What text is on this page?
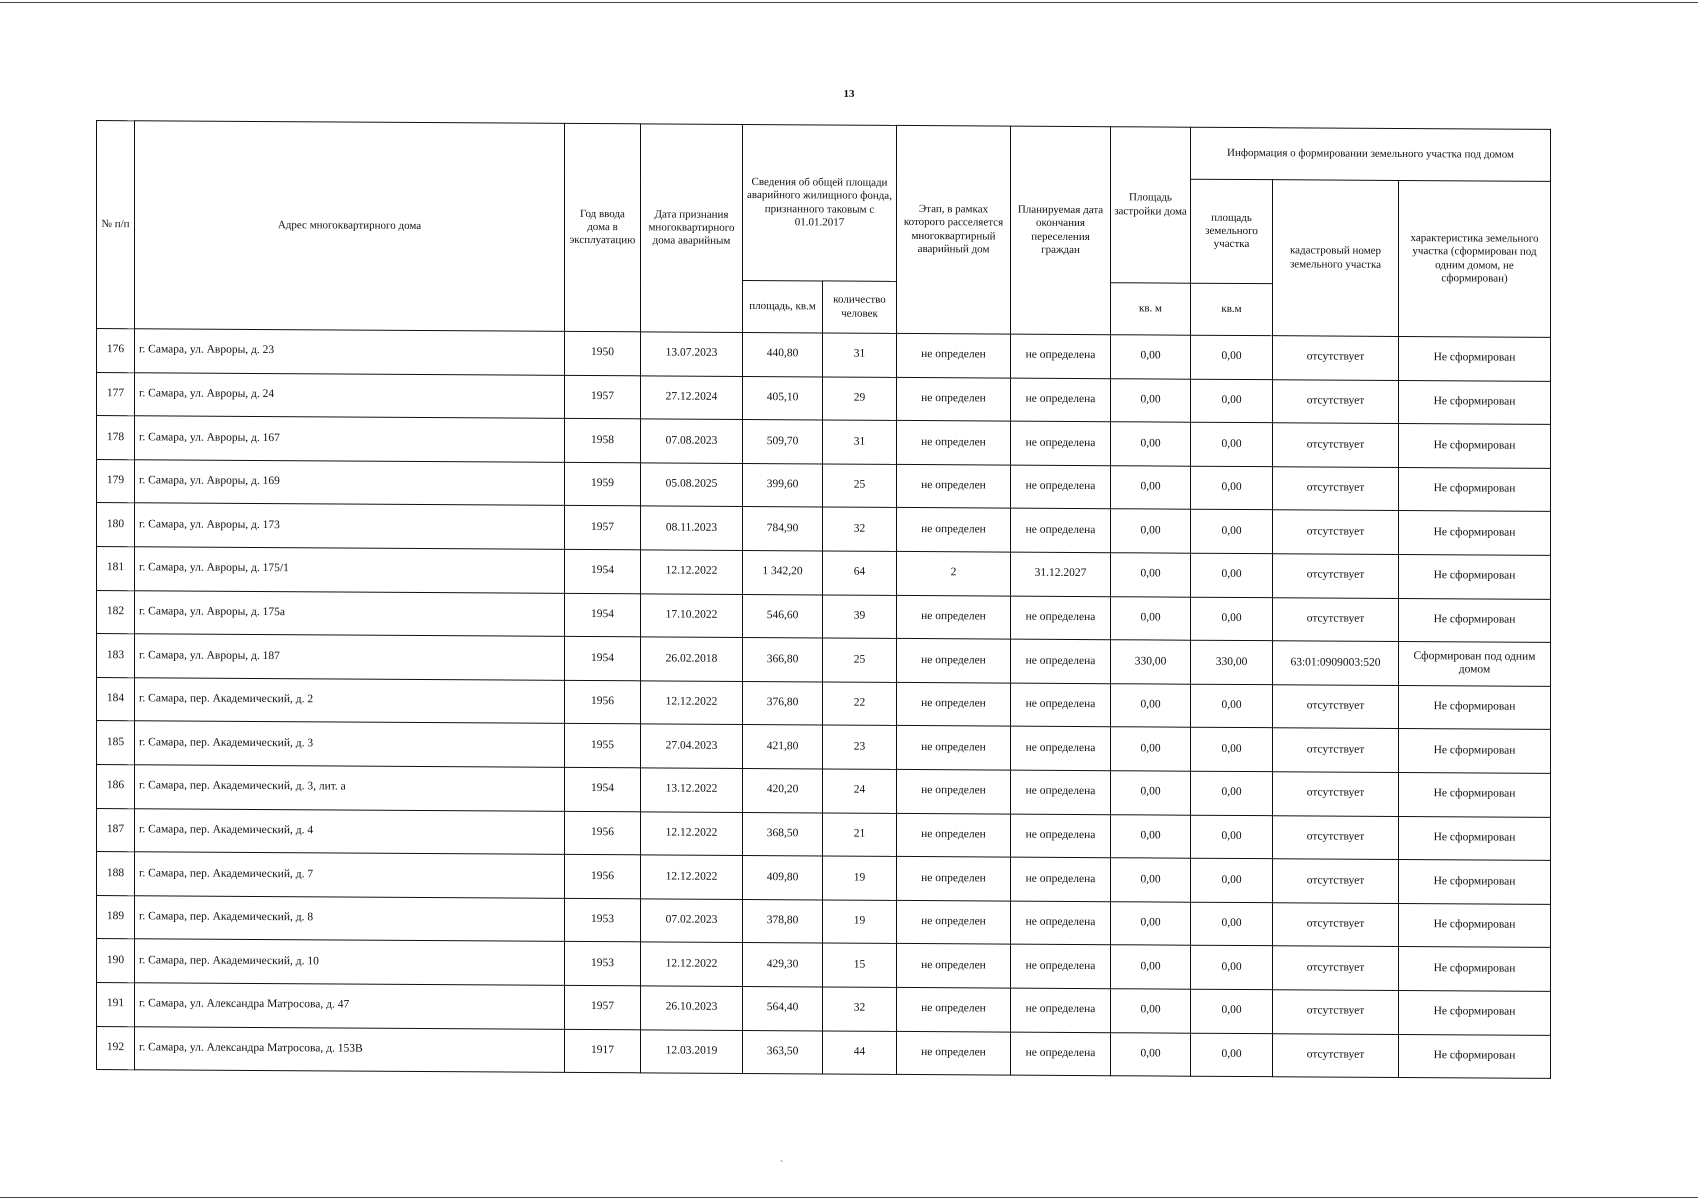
13
№ п/п	Адрес многоквартирного дома	Год ввода дома в эксплуатацию	Дата признания многоквартирного дома аварийным	Сведения об общей площади аварийного жилищного фонда, признанного таковым с 01.01.2017		Этап, в рамках которого расселяется многоквартирный аварийный дом	Планируемая дата окончания переселения граждан	Площадь застройки дома	Информация о формировании земельного участка под домом		
									площадь земельного участка	кадастровый номер земельного участка	характеристика земельного участка (сформирован под одним домом, не сформирован)
				площадь, кв.м	количество человек			кв. м	кв.м		
176	г. Самара, ул. Авроры, д. 23	1950	13.07.2023	440,80	31	не определен	не определена	0,00	0,00	отсутствует	Не сформирован
177	г. Самара, ул. Авроры, д. 24	1957	27.12.2024	405,10	29	не определен	не определена	0,00	0,00	отсутствует	Не сформирован
178	г. Самара, ул. Авроры, д. 167	1958	07.08.2023	509,70	31	не определен	не определена	0,00	0,00	отсутствует	Не сформирован
179	г. Самара, ул. Авроры, д. 169	1959	05.08.2025	399,60	25	не определен	не определена	0,00	0,00	отсутствует	Не сформирован
180	г. Самара, ул. Авроры, д. 173	1957	08.11.2023	784,90	32	не определен	не определена	0,00	0,00	отсутствует	Не сформирован
181	г. Самара, ул. Авроры, д. 175/1	1954	12.12.2022	1 342,20	64	2	31.12.2027	0,00	0,00	отсутствует	Не сформирован
182	г. Самара, ул. Авроры, д. 175а	1954	17.10.2022	546,60	39	не определен	не определена	0,00	0,00	отсутствует	Не сформирован
183	г. Самара, ул. Авроры, д. 187	1954	26.02.2018	366,80	25	не определен	не определена	330,00	330,00	63:01:0909003:520	Сформирован под одним домом
184	г. Самара, пер. Академический, д. 2	1956	12.12.2022	376,80	22	не определен	не определена	0,00	0,00	отсутствует	Не сформирован
185	г. Самара, пер. Академический, д. 3	1955	27.04.2023	421,80	23	не определен	не определена	0,00	0,00	отсутствует	Не сформирован
186	г. Самара, пер. Академический, д. 3, лит. а	1954	13.12.2022	420,20	24	не определен	не определена	0,00	0,00	отсутствует	Не сформирован
187	г. Самара, пер. Академический, д. 4	1956	12.12.2022	368,50	21	не определен	не определена	0,00	0,00	отсутствует	Не сформирован
188	г. Самара, пер. Академический, д. 7	1956	12.12.2022	409,80	19	не определен	не определена	0,00	0,00	отсутствует	Не сформирован
189	г. Самара, пер. Академический, д. 8	1953	07.02.2023	378,80	19	не определен	не определена	0,00	0,00	отсутствует	Не сформирован
190	г. Самара, пер. Академический, д. 10	1953	12.12.2022	429,30	15	не определен	не определена	0,00	0,00	отсутствует	Не сформирован
191	г. Самара, ул. Александра Матросова, д. 47	1957	26.10.2023	564,40	32	не определен	не определена	0,00	0,00	отсутствует	Не сформирован
192	г. Самара, ул. Александра Матросова, д. 153В	1917	12.03.2019	363,50	44	не определен	не определена	0,00	0,00	отсутствует	Не сформирован
ˋ
